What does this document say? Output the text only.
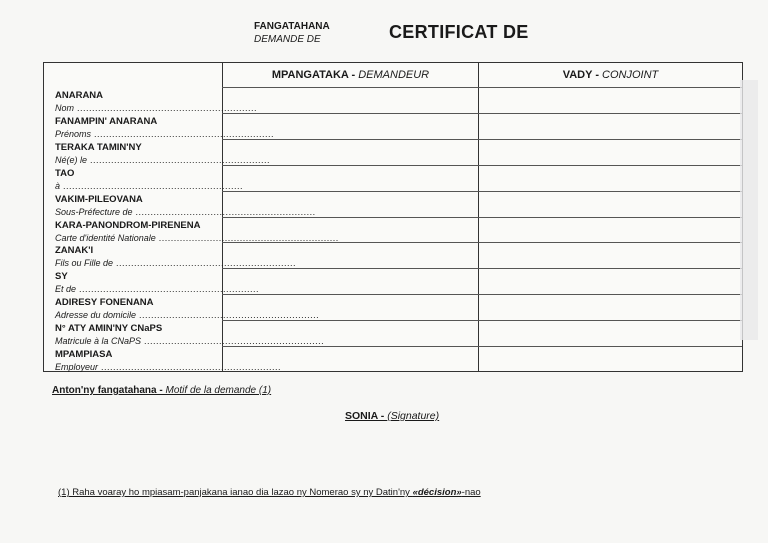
FANGATAHANA
DEMANDE DE	CERTIFICAT DE
MPANGATAKA - DEMANDEUR	VADY - CONJOINT
ANARANA
Nom ............................................................
FANAMPIN' ANARANA
Prénoms ............................................................
TERAKA TAMIN'NY
Né(e) le ............................................................
TAO
à ............................................................
VAKIM-PILEOVANA
Sous-Préfecture de ............................................................
KARA-PANONDROM-PIRENENA
Carte d'identité Nationale ............................................................
ZANAK'I
Fils ou Fille de ............................................................
SY
Et de ............................................................
ADIRESY FONENANA
Adresse du domicile ............................................................
N° ATY AMIN'NY CNaPS
Matricule à la CNaPS ............................................................
MPAMPIASA
Employeur ............................................................
Anton'ny fangatahana - Motif de la demande (1)
SONIA - (Signature)
(1) Raha voaray ho mpiasam-panjakana ianao dia lazao ny Nomerao sy ny Datin'ny «décision»-nao
